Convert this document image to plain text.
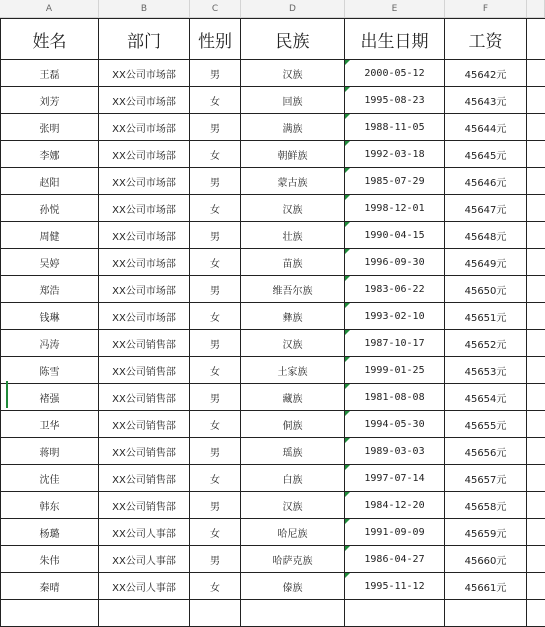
A	B	C	D	E	F
姓名	部门	性别	民族	出生日期	工资
王磊	XX公司市场部	男	汉族	2000-05-12	45642元
刘芳	XX公司市场部	女	回族	1995-08-23	45643元
张明	XX公司市场部	男	满族	1988-11-05	45644元
李娜	XX公司市场部	女	朝鲜族	1992-03-18	45645元
赵阳	XX公司市场部	男	蒙古族	1985-07-29	45646元
孙悦	XX公司市场部	女	汉族	1998-12-01	45647元
周健	XX公司市场部	男	壮族	1990-04-15	45648元
吴婷	XX公司市场部	女	苗族	1996-09-30	45649元
郑浩	XX公司市场部	男	维吾尔族	1983-06-22	45650元
钱琳	XX公司市场部	女	彝族	1993-02-10	45651元
冯涛	XX公司销售部	男	汉族	1987-10-17	45652元
陈雪	XX公司销售部	女	土家族	1999-01-25	45653元
褚强	XX公司销售部	男	藏族	1981-08-08	45654元
卫华	XX公司销售部	女	侗族	1994-05-30	45655元
蒋明	XX公司销售部	男	瑶族	1989-03-03	45656元
沈佳	XX公司销售部	女	白族	1997-07-14	45657元
韩东	XX公司销售部	男	汉族	1984-12-20	45658元
杨璐	XX公司人事部	女	哈尼族	1991-09-09	45659元
朱伟	XX公司人事部	男	哈萨克族	1986-04-27	45660元
秦晴	XX公司人事部	女	傣族	1995-11-12	45661元
